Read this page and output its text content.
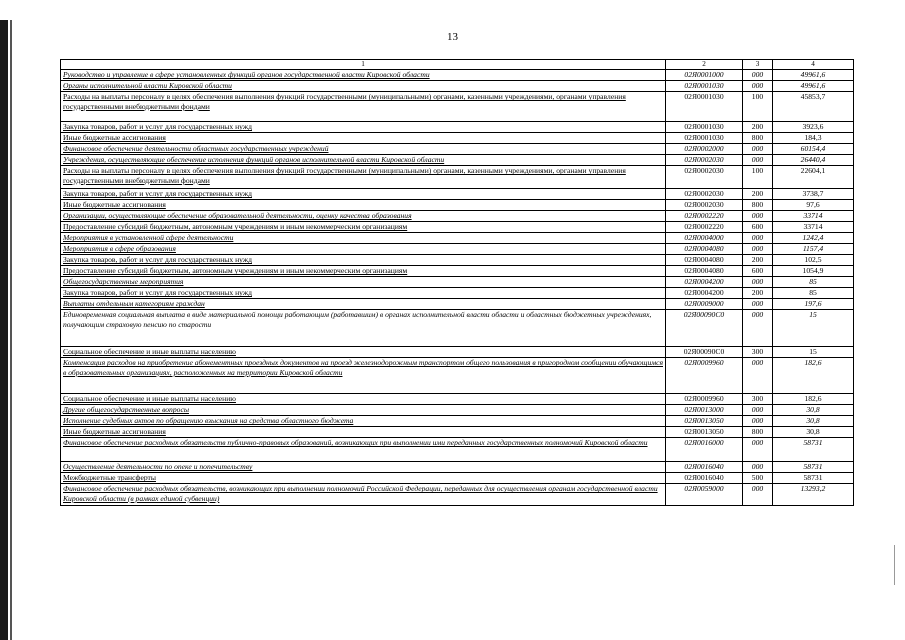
13
1	2	3	4
Руководство и управление в сфере установленных функций органов государственной власти Кировской области	02Я0001000	000	49961,6
Органы исполнительной власти Кировской области	02Я0001030	000	49961,6
Расходы на выплаты персоналу в целях обеспечения выполнения функций государственными (муниципальными) органами, казенными учреждениями, органами управления государственными внебюджетными фондами	02Я0001030	100	45853,7
Закупка товаров, работ и услуг для государственных нужд	02Я0001030	200	3923,6
Иные бюджетные ассигнования	02Я0001030	800	184,3
Финансовое обеспечение деятельности областных государственных учреждений	02Я0002000	000	60154,4
Учреждения, осуществляющие обеспечение исполнения функций органов исполнительной власти Кировской области	02Я0002030	000	26440,4
Расходы на выплаты персоналу в целях обеспечения выполнения функций государственными (муниципальными) органами, казенными учреждениями, органами управления государственными внебюджетными фондами	02Я0002030	100	22604,1
Закупка товаров, работ и услуг для государственных нужд	02Я0002030	200	3738,7
Иные бюджетные ассигнования	02Я0002030	800	97,6
Организации, осуществляющие обеспечение образовательной деятельности, оценку качества образования	02Я0002220	000	33714
Предоставление субсидий бюджетным, автономным учреждениям и иным некоммерческим организациям	02Я0002220	600	33714
Мероприятия в установленной сфере деятельности	02Я0004000	000	1242,4
Мероприятия в сфере образования	02Я0004080	000	1157,4
Закупка товаров, работ и услуг для государственных нужд	02Я0004080	200	102,5
Предоставление субсидий бюджетным, автономным учреждениям и иным некоммерческим организациям	02Я0004080	600	1054,9
Общегосударственные мероприятия	02Я0004200	000	85
Закупка товаров, работ и услуг для государственных нужд	02Я0004200	200	85
Выплаты отдельным категориям граждан	02Я0009000	000	197,6
Единовременная социальная выплата в виде материальной помощи работающим (работавшим) в органах исполнительной власти области и областных бюджетных учреждениях, получающим страховую пенсию по старости	02Я00090С0	000	15
Социальное обеспечение и иные выплаты населению	02Я00090С0	300	15
Компенсация расходов на приобретение абонементных проездных документов на проезд железнодорожным транспортом общего пользования в пригородном сообщении обучающимся в образовательных организациях, расположенных на территории Кировской области	02Я0009960	000	182,6
Социальное обеспечение и иные выплаты населению	02Я0009960	300	182,6
Другие общегосударственные вопросы	02Я0013000	000	30,8
Исполнение судебных актов по обращению взыскания на средства областного бюджета	02Я0013050	000	30,8
Иные бюджетные ассигнования	02Я0013050	800	30,8
Финансовое обеспечение расходных обязательств публично-правовых образований, возникающих при выполнении ими переданных государственных полномочий Кировской области	02Я0016000	000	58731
Осуществление деятельности по опеке и попечительству	02Я0016040	000	58731
Межбюджетные трансферты	02Я0016040	500	58731
Финансовое обеспечение расходных обязательств, возникающих при выполнении полномочий Российской Федерации, переданных для осуществления органам государственной власти Кировской области (в рамках единой субвенции)	02Я0059000	000	13293,2
